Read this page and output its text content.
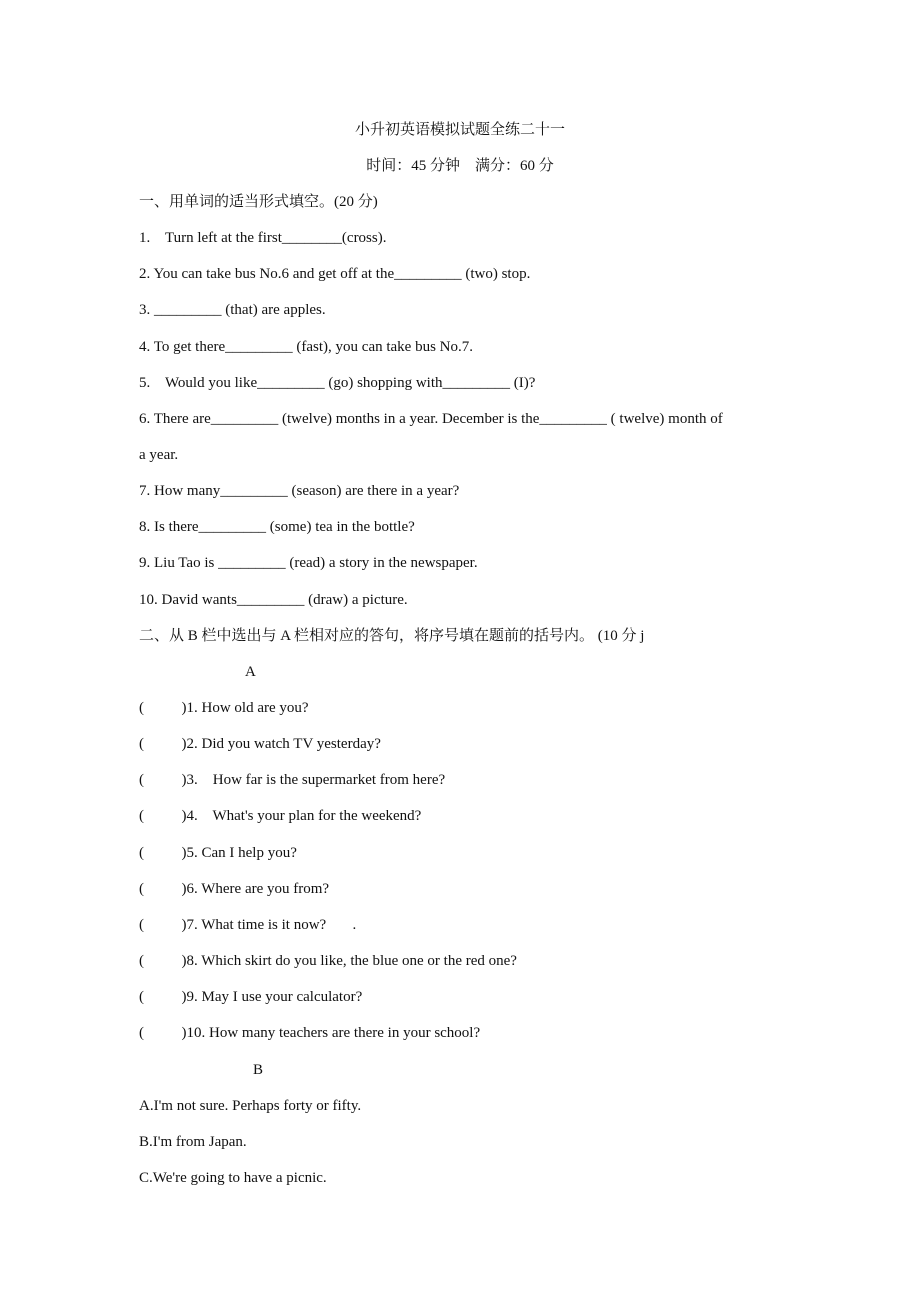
小升初英语模拟试题全练二十一
时间：45 分钟    满分：60 分
一、用单词的适当形式填空。(20 分)
1.    Turn left at the first________(cross).
2. You can take bus No.6 and get off at the_________ (two) stop.
3. _________ (that) are apples.
4. To get there_________ (fast), you can take bus No.7.
5.    Would you like_________ (go) shopping with_________ (I)?
6. There are_________ (twelve) months in a year. December is the_________ ( twelve) month of
a year.
7. How many_________ (season) are there in a year?
8. Is there_________ (some) tea in the bottle?
9. Liu Tao is _________ (read) a story in the newspaper.
10. David wants_________ (draw) a picture.
二、从 B 栏中选出与 A 栏相对应的答句，将序号填在题前的括号内。 (10 分 j
A
(          )1. How old are you?
(          )2. Did you watch TV yesterday?
(          )3.    How far is the supermarket from here?
(          )4.    What's your plan for the weekend?
(          )5. Can I help you?
(          )6. Where are you from?
(          )7. What time is it now?       .
(          )8. Which skirt do you like, the blue one or the red one?
(          )9. May I use your calculator?
(          )10. How many teachers are there in your school?
B
A.I'm not sure. Perhaps forty or fifty.
B.I'm from Japan.
C.We're going to have a picnic.
